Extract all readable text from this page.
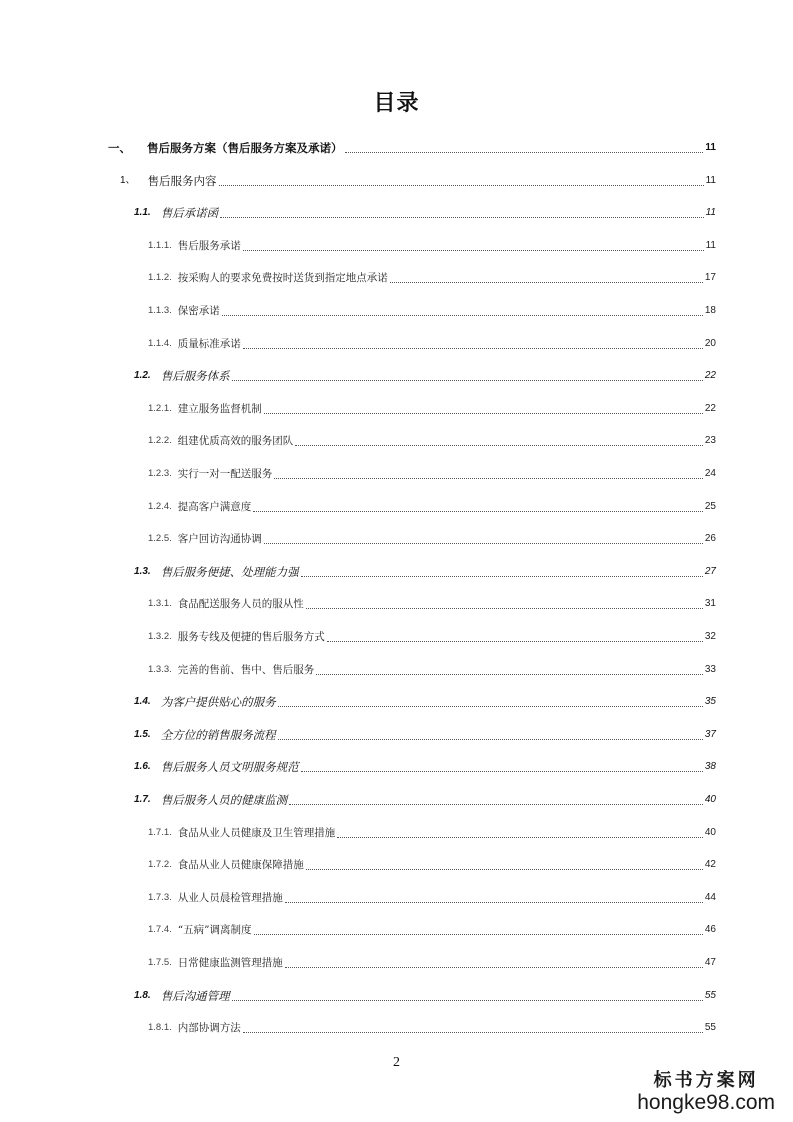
目录
一、 售后服务方案（售后服务方案及承诺）	11
1、 售后服务内容	11
1.1. 售后承诺函	11
1.1.1. 售后服务承诺	11
1.1.2. 按采购人的要求免费按时送货到指定地点承诺	17
1.1.3. 保密承诺	18
1.1.4. 质量标准承诺	20
1.2. 售后服务体系	22
1.2.1. 建立服务监督机制	22
1.2.2. 组建优质高效的服务团队	23
1.2.3. 实行一对一配送服务	24
1.2.4. 提高客户满意度	25
1.2.5. 客户回访沟通协调	26
1.3. 售后服务便捷、处理能力强	27
1.3.1. 食品配送服务人员的服从性	31
1.3.2. 服务专线及便捷的售后服务方式	32
1.3.3. 完善的售前、售中、售后服务	33
1.4. 为客户提供贴心的服务	35
1.5. 全方位的销售服务流程	37
1.6. 售后服务人员文明服务规范	38
1.7. 售后服务人员的健康监测	40
1.7.1. 食品从业人员健康及卫生管理措施	40
1.7.2. 食品从业人员健康保障措施	42
1.7.3. 从业人员晨检管理措施	44
1.7.4. “五病”调离制度	46
1.7.5. 日常健康监测管理措施	47
1.8. 售后沟通管理	55
1.8.1. 内部协调方法	55
2
标书方案网
hongke98.com
